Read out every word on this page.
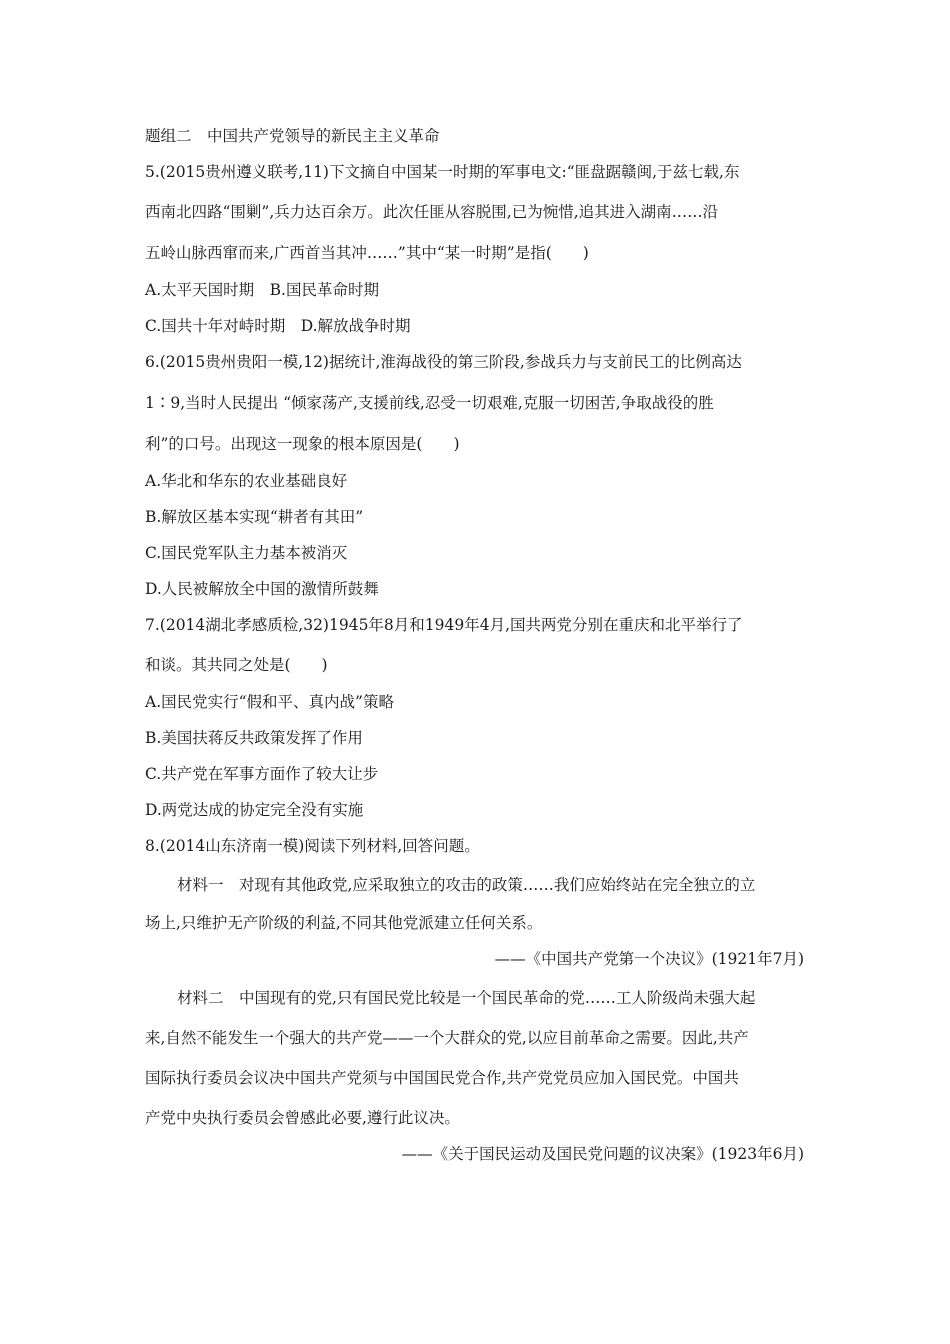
题组二　中国共产党领导的新民主主义革命
5.(2015贵州遵义联考,11)下文摘自中国某一时期的军事电文:“匪盘踞赣闽,于兹七载,东
西南北四路“围剿”,兵力达百余万。此次任匪从容脱围,已为惋惜,追其进入湖南……沿
五岭山脉西窜而来,广西首当其冲……”其中“某一时期”是指(　　)
A.太平天国时期　B.国民革命时期
C.国共十年对峙时期　D.解放战争时期
6.(2015贵州贵阳一模,12)据统计,淮海战役的第三阶段,参战兵力与支前民工的比例高达
1∶9,当时人民提出 “倾家荡产,支援前线,忍受一切艰难,克服一切困苦,争取战役的胜
利”的口号。出现这一现象的根本原因是(　　)
A.华北和华东的农业基础良好
B.解放区基本实现“耕者有其田”
C.国民党军队主力基本被消灭
D.人民被解放全中国的激情所鼓舞
7.(2014湖北孝感质检,32)1945年8月和1949年4月,国共两党分别在重庆和北平举行了
和谈。其共同之处是(　　)
A.国民党实行“假和平、真内战”策略
B.美国扶蒋反共政策发挥了作用
C.共产党在军事方面作了较大让步
D.两党达成的协定完全没有实施
8.(2014山东济南一模)阅读下列材料,回答问题。
材料一　对现有其他政党,应采取独立的攻击的政策……我们应始终站在完全独立的立
场上,只维护无产阶级的利益,不同其他党派建立任何关系。
——《中国共产党第一个决议》(1921年7月)
材料二　中国现有的党,只有国民党比较是一个国民革命的党……工人阶级尚未强大起
来,自然不能发生一个强大的共产党——一个大群众的党,以应目前革命之需要。因此,共产
国际执行委员会议决中国共产党须与中国国民党合作,共产党党员应加入国民党。中国共
产党中央执行委员会曾感此必要,遵行此议决。
——《关于国民运动及国民党问题的议决案》(1923年6月)
